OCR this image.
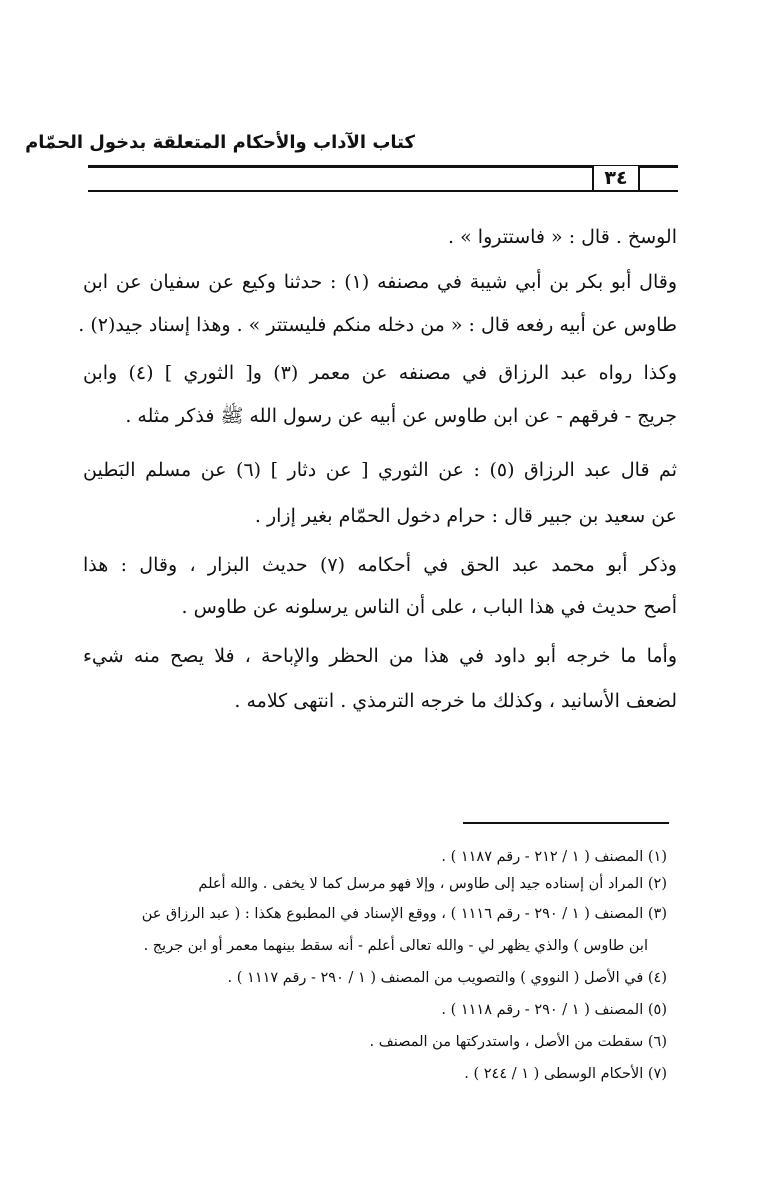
كتاب الآداب والأحكام المتعلقة بدخول الحمّام
٣٤
الوسخ . قال : « فاستتروا » .
وقال أبو بكر بن أبي شيبة في مصنفه (١) : حدثنا وكيع عن سفيان عن ابن
طاوس عن أبيه رفعه قال : « من دخله منكم فليستتر » . وهذا إسناد جيد(٢) .
وكذا رواه عبد الرزاق في مصنفه عن معمر (٣) و[ الثوري ] (٤) وابن
جريج - فرقهم - عن ابن طاوس عن أبيه عن رسول الله ﷺ فذكر مثله .
ثم قال عبد الرزاق (٥) : عن الثوري [ عن دثار ] (٦) عن مسلم البَطين
عن سعيد بن جبير قال : حرام دخول الحمّام بغير إزار .
وذكر أبو محمد عبد الحق في أحكامه (٧) حديث البزار ، وقال : هذا
أصح حديث في هذا الباب ، على أن الناس يرسلونه عن طاوس .
وأما ما خرجه أبو داود في هذا من الحظر والإباحة ، فلا يصح منه شيء
لضعف الأسانيد ، وكذلك ما خرجه الترمذي . انتهى كلامه .
(١) المصنف ( ١ / ٢١٢ - رقم ١١٨٧ ) .
(٢) المراد أن إسناده جيد إلى طاوس ، وإلا فهو مرسل كما لا يخفى . والله أعلم
(٣) المصنف ( ١ / ٢٩٠ - رقم ١١١٦ ) ، ووقع الإسناد في المطبوع هكذا : ( عبد الرزاق عن
ابن طاوس ) والذي يظهر لي - والله تعالى أعلم - أنه سقط بينهما معمر أو ابن جريج .
(٤) في الأصل ( النووي ) والتصويب من المصنف ( ١ / ٢٩٠ - رقم ١١١٧ ) .
(٥) المصنف ( ١ / ٢٩٠ - رقم ١١١٨ ) .
(٦) سقطت من الأصل ، واستدركتها من المصنف .
(٧) الأحكام الوسطى ( ١ / ٢٤٤ ) .
